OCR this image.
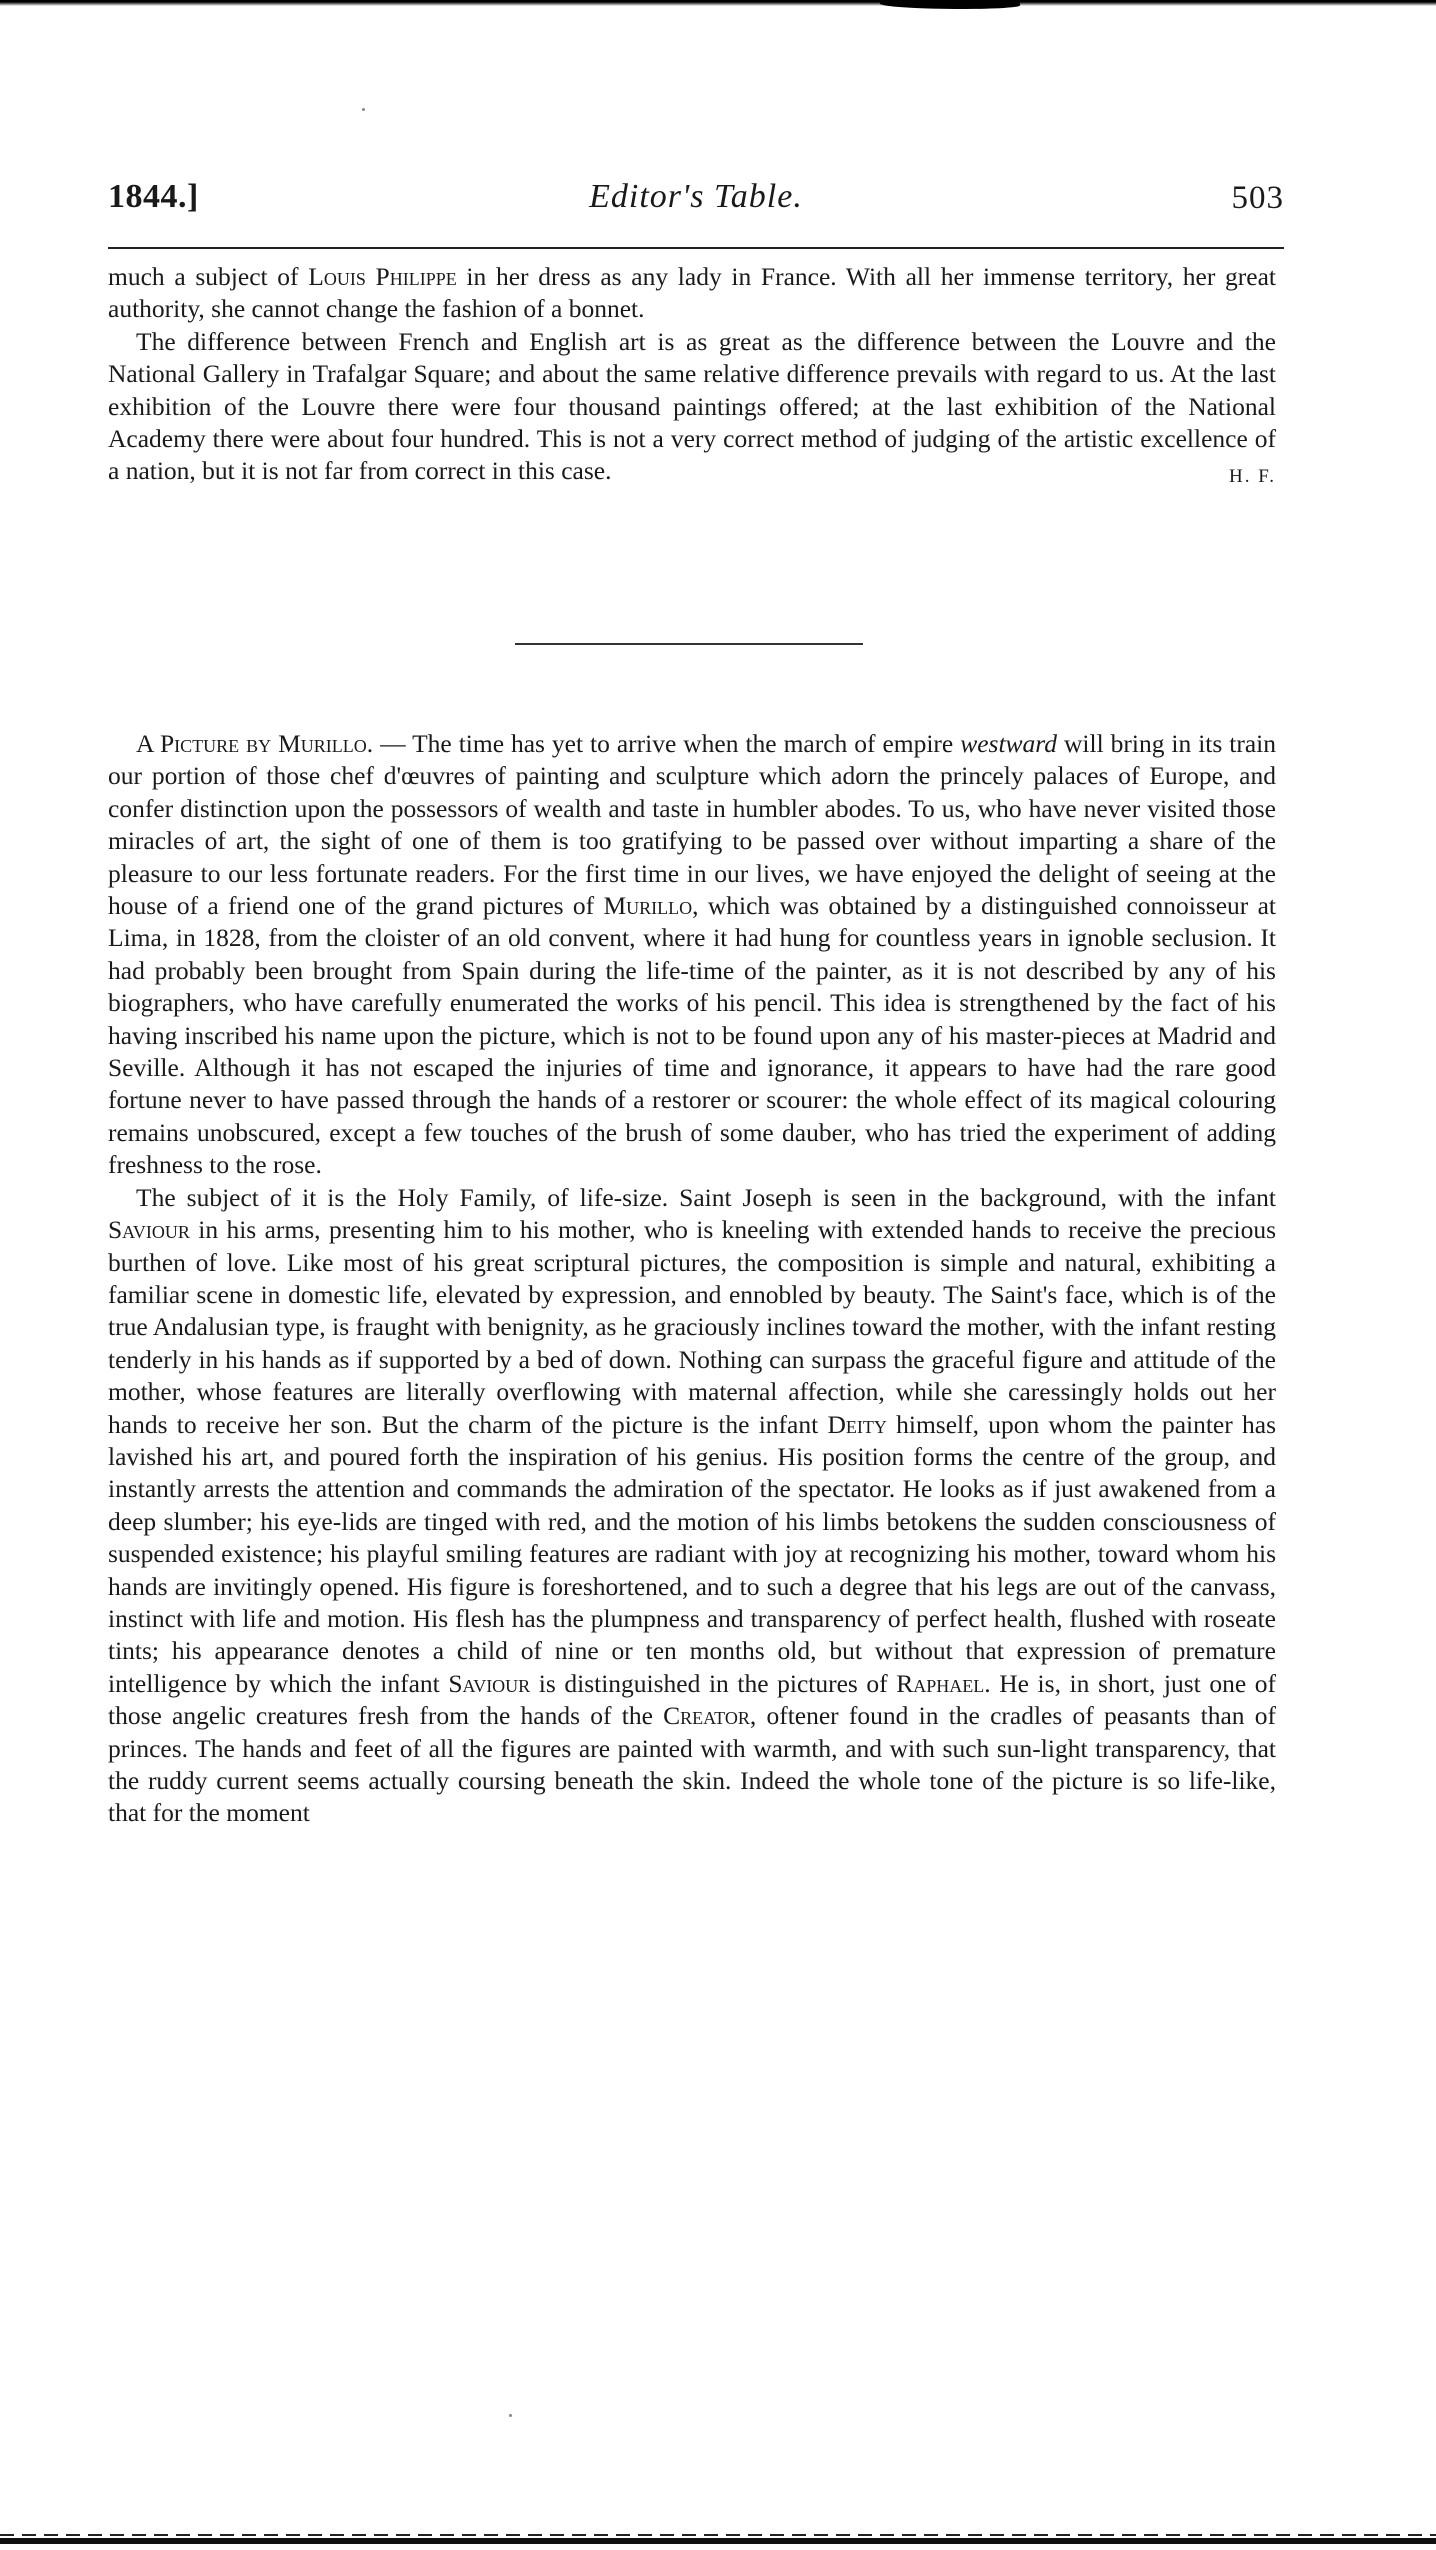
1844.]	Editor's Table.	503

much a subject of Louis Philippe in her dress as any lady in France. With all her immense territory, her great authority, she cannot change the fashion of a bonnet.

The difference between French and English art is as great as the difference between the Louvre and the National Gallery in Trafalgar Square; and about the same relative difference prevails with regard to us. At the last exhibition of the Louvre there were four thousand paintings offered; at the last exhibition of the National Academy there were about four hundred. This is not a very correct method of judging of the artistic excellence of a nation, but it is not far from correct in this case.	H. F.

A Picture by Murillo. — The time has yet to arrive when the march of empire westward will bring in its train our portion of those chef d'œuvres of painting and sculpture which adorn the princely palaces of Europe, and confer distinction upon the possessors of wealth and taste in humbler abodes. To us, who have never visited those miracles of art, the sight of one of them is too gratifying to be passed over without imparting a share of the pleasure to our less fortunate readers. For the first time in our lives, we have enjoyed the delight of seeing at the house of a friend one of the grand pictures of Murillo, which was obtained by a distinguished connoisseur at Lima, in 1828, from the cloister of an old convent, where it had hung for countless years in ignoble seclusion. It had probably been brought from Spain during the life-time of the painter, as it is not described by any of his biographers, who have carefully enumerated the works of his pencil. This idea is strengthened by the fact of his having inscribed his name upon the picture, which is not to be found upon any of his master-pieces at Madrid and Seville. Although it has not escaped the injuries of time and ignorance, it appears to have had the rare good fortune never to have passed through the hands of a restorer or scourer: the whole effect of its magical colouring remains unobscured, except a few touches of the brush of some dauber, who has tried the experiment of adding freshness to the rose.

The subject of it is the Holy Family, of life-size. Saint Joseph is seen in the background, with the infant Saviour in his arms, presenting him to his mother, who is kneeling with extended hands to receive the precious burthen of love. Like most of his great scriptural pictures, the composition is simple and natural, exhibiting a familiar scene in domestic life, elevated by expression, and ennobled by beauty. The Saint's face, which is of the true Andalusian type, is fraught with benignity, as he graciously inclines toward the mother, with the infant resting tenderly in his hands as if supported by a bed of down. Nothing can surpass the graceful figure and attitude of the mother, whose features are literally overflowing with maternal affection, while she caressingly holds out her hands to receive her son. But the charm of the picture is the infant Deity himself, upon whom the painter has lavished his art, and poured forth the inspiration of his genius. His position forms the centre of the group, and instantly arrests the attention and commands the admiration of the spectator. He looks as if just awakened from a deep slumber; his eye-lids are tinged with red, and the motion of his limbs betokens the sudden consciousness of suspended existence; his playful smiling features are radiant with joy at recognizing his mother, toward whom his hands are invitingly opened. His figure is foreshortened, and to such a degree that his legs are out of the canvass, instinct with life and motion. His flesh has the plumpness and transparency of perfect health, flushed with roseate tints; his appearance denotes a child of nine or ten months old, but without that expression of premature intelligence by which the infant Saviour is distinguished in the pictures of Raphael. He is, in short, just one of those angelic creatures fresh from the hands of the Creator, oftener found in the cradles of peasants than of princes. The hands and feet of all the figures are painted with warmth, and with such sun-light transparency, that the ruddy current seems actually coursing beneath the skin. Indeed the whole tone of the picture is so life-like, that for the moment
